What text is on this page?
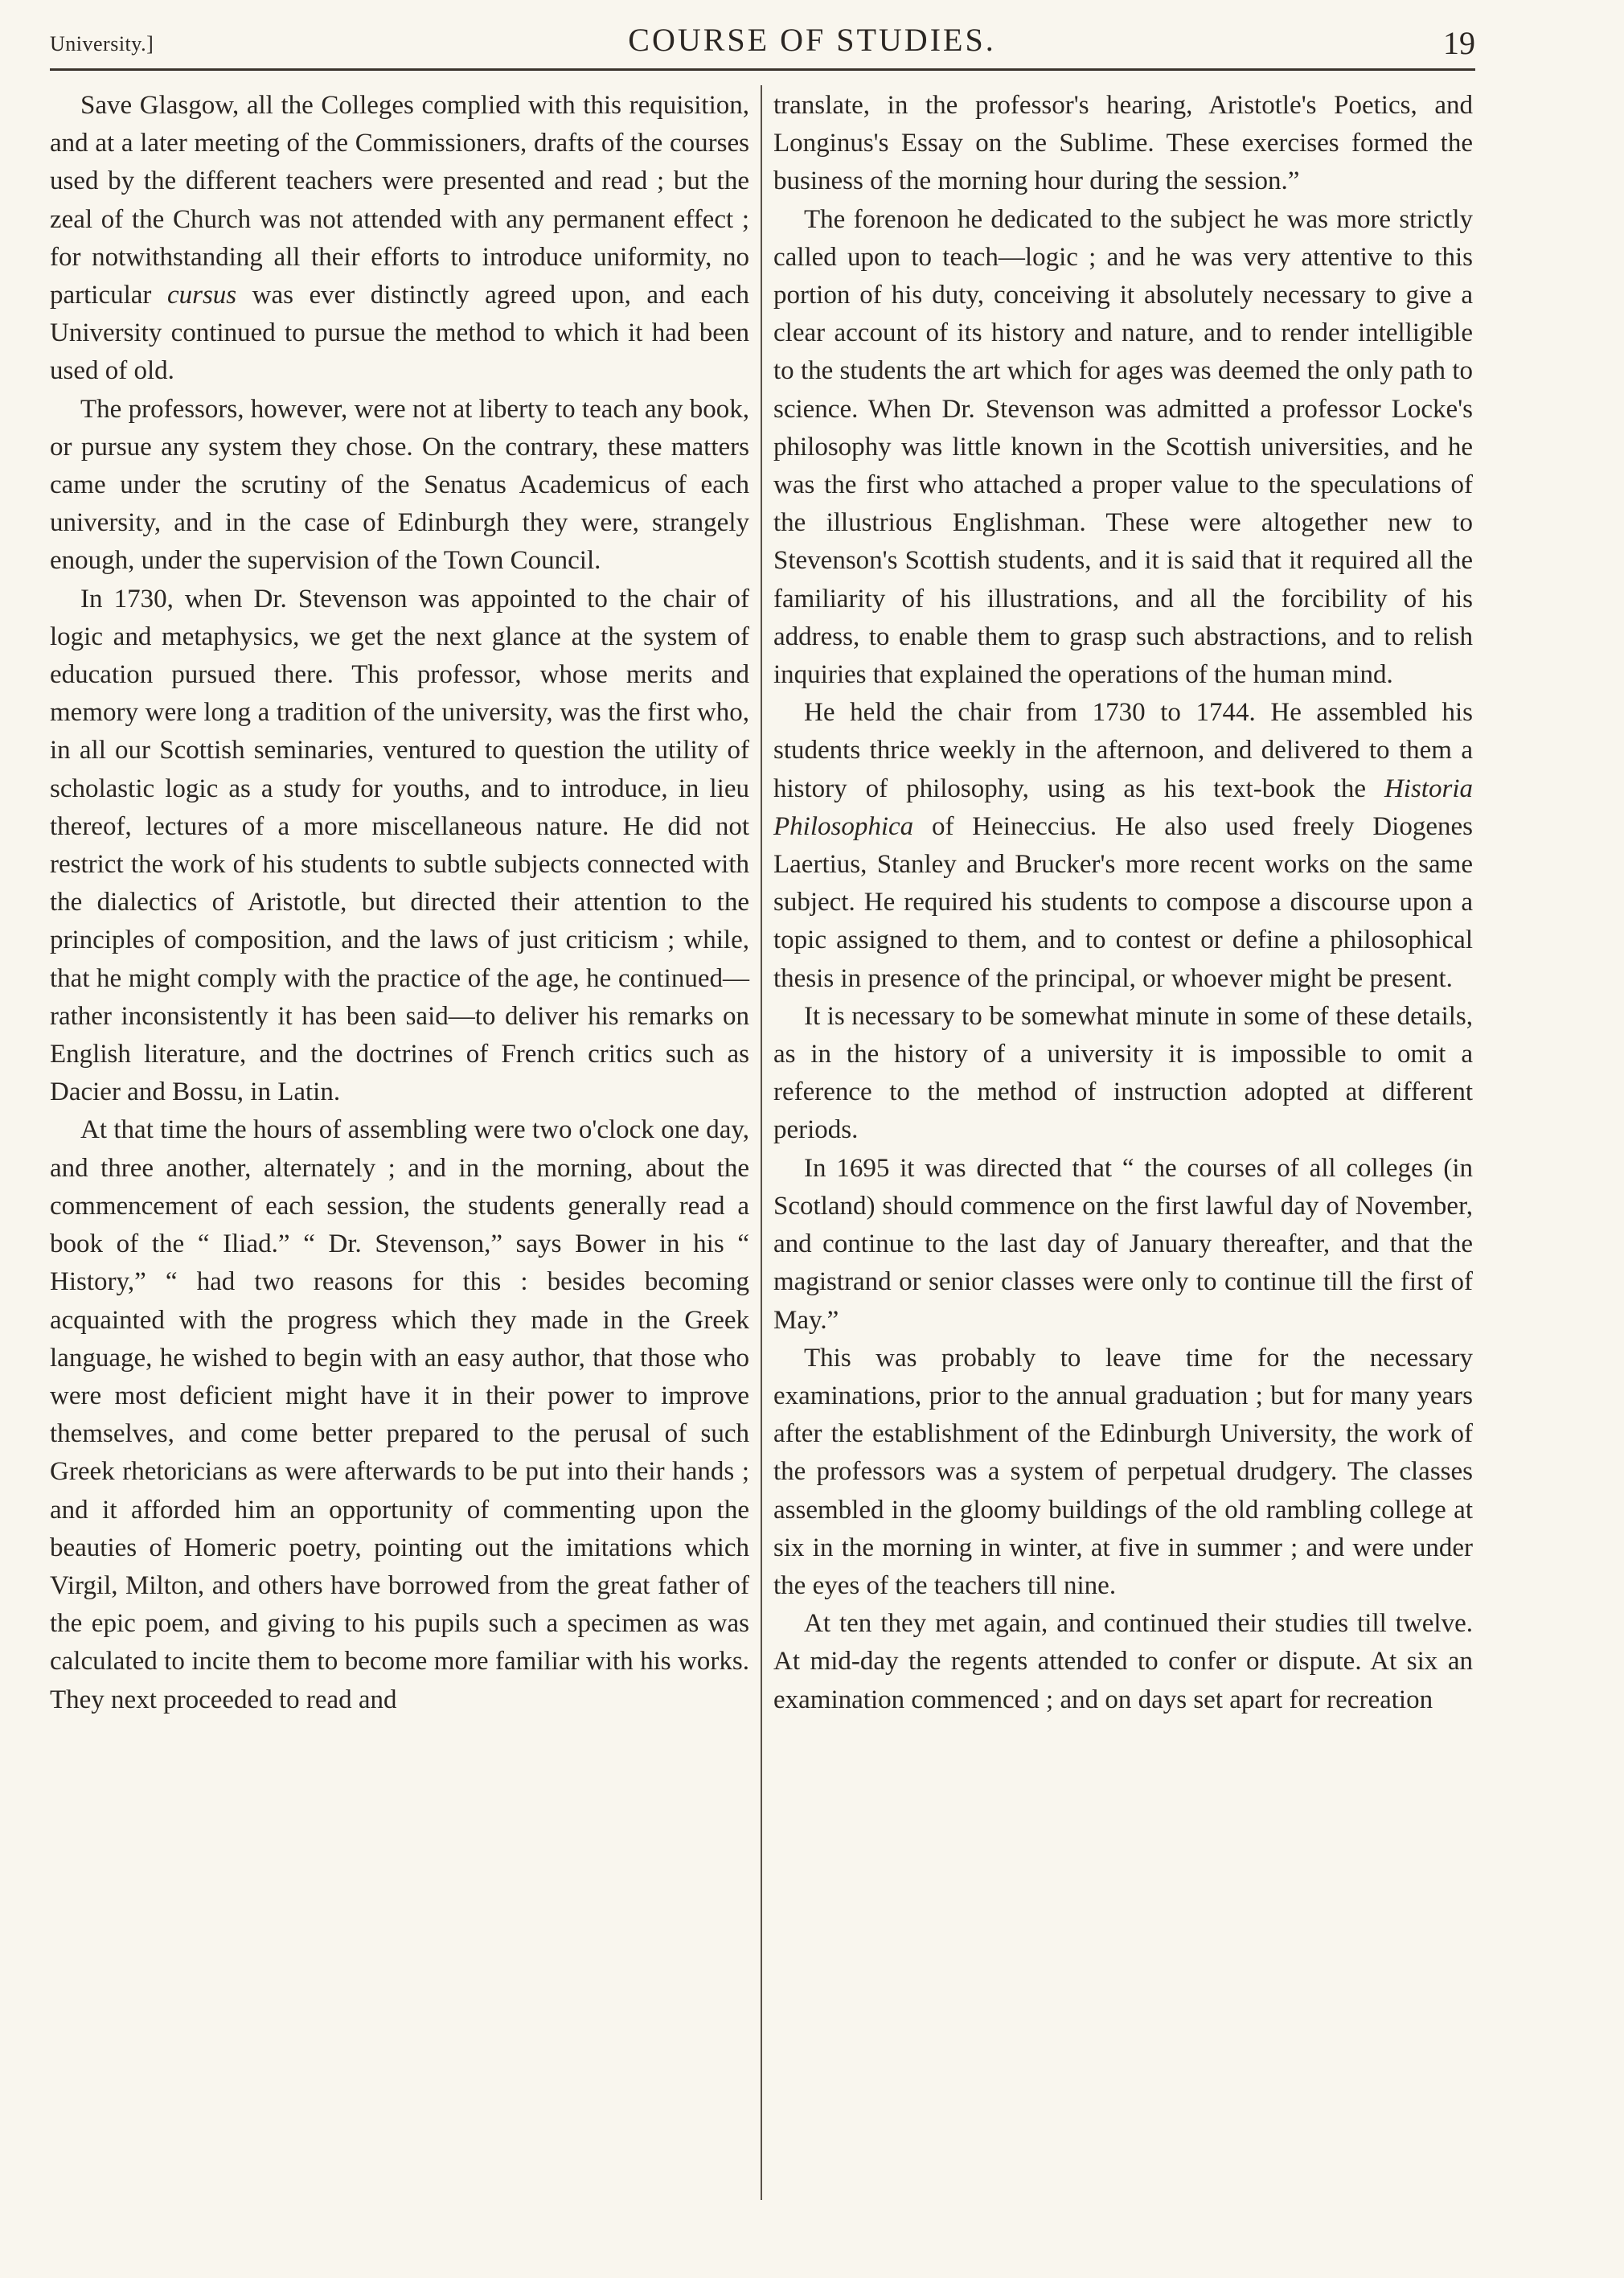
University.]	COURSE OF STUDIES.	19

Save Glasgow, all the Colleges complied with this requisition, and at a later meeting of the Commissioners, drafts of the courses used by the different teachers were presented and read ; but the zeal of the Church was not attended with any permanent effect ; for notwithstanding all their efforts to introduce uniformity, no particular cursus was ever distinctly agreed upon, and each University continued to pursue the method to which it had been used of old.

The professors, however, were not at liberty to teach any book, or pursue any system they chose. On the contrary, these matters came under the scrutiny of the Senatus Academicus of each university, and in the case of Edinburgh they were, strangely enough, under the supervision of the Town Council.

In 1730, when Dr. Stevenson was appointed to the chair of logic and metaphysics, we get the next glance at the system of education pursued there. This professor, whose merits and memory were long a tradition of the university, was the first who, in all our Scottish seminaries, ventured to question the utility of scholastic logic as a study for youths, and to introduce, in lieu thereof, lectures of a more miscellaneous nature. He did not restrict the work of his students to subtle subjects connected with the dialectics of Aristotle, but directed their attention to the principles of composition, and the laws of just criticism ; while, that he might comply with the practice of the age, he continued—rather inconsistently it has been said—to deliver his remarks on English literature, and the doctrines of French critics such as Dacier and Bossu, in Latin.

At that time the hours of assembling were two o'clock one day, and three another, alternately ; and in the morning, about the commencement of each session, the students generally read a book of the “ Iliad.” “ Dr. Stevenson,” says Bower in his “ History,” “ had two reasons for this : besides becoming acquainted with the progress which they made in the Greek language, he wished to begin with an easy author, that those who were most deficient might have it in their power to improve themselves, and come better prepared to the perusal of such Greek rhetoricians as were afterwards to be put into their hands ; and it afforded him an opportunity of commenting upon the beauties of Homeric poetry, pointing out the imitations which Virgil, Milton, and others have borrowed from the great father of the epic poem, and giving to his pupils such a specimen as was calculated to incite them to become more familiar with his works. They next proceeded to read and

translate, in the professor's hearing, Aristotle's Poetics, and Longinus's Essay on the Sublime. These exercises formed the business of the morning hour during the session.”

The forenoon he dedicated to the subject he was more strictly called upon to teach—logic ; and he was very attentive to this portion of his duty, conceiving it absolutely necessary to give a clear account of its history and nature, and to render intelligible to the students the art which for ages was deemed the only path to science. When Dr. Stevenson was admitted a professor Locke's philosophy was little known in the Scottish universities, and he was the first who attached a proper value to the speculations of the illustrious Englishman. These were altogether new to Stevenson's Scottish students, and it is said that it required all the familiarity of his illustrations, and all the forcibility of his address, to enable them to grasp such abstractions, and to relish inquiries that explained the operations of the human mind.

He held the chair from 1730 to 1744. He assembled his students thrice weekly in the afternoon, and delivered to them a history of philosophy, using as his text-book the Historia Philosophica of Heineccius. He also used freely Diogenes Laertius, Stanley and Brucker's more recent works on the same subject. He required his students to compose a discourse upon a topic assigned to them, and to contest or define a philosophical thesis in presence of the principal, or whoever might be present.

It is necessary to be somewhat minute in some of these details, as in the history of a university it is impossible to omit a reference to the method of instruction adopted at different periods.

In 1695 it was directed that “ the courses of all colleges (in Scotland) should commence on the first lawful day of November, and continue to the last day of January thereafter, and that the magistrand or senior classes were only to continue till the first of May.”

This was probably to leave time for the necessary examinations, prior to the annual graduation ; but for many years after the establishment of the Edinburgh University, the work of the professors was a system of perpetual drudgery. The classes assembled in the gloomy buildings of the old rambling college at six in the morning in winter, at five in summer ; and were under the eyes of the teachers till nine.

At ten they met again, and continued their studies till twelve. At mid-day the regents attended to confer or dispute. At six an examination commenced ; and on days set apart for recreation
